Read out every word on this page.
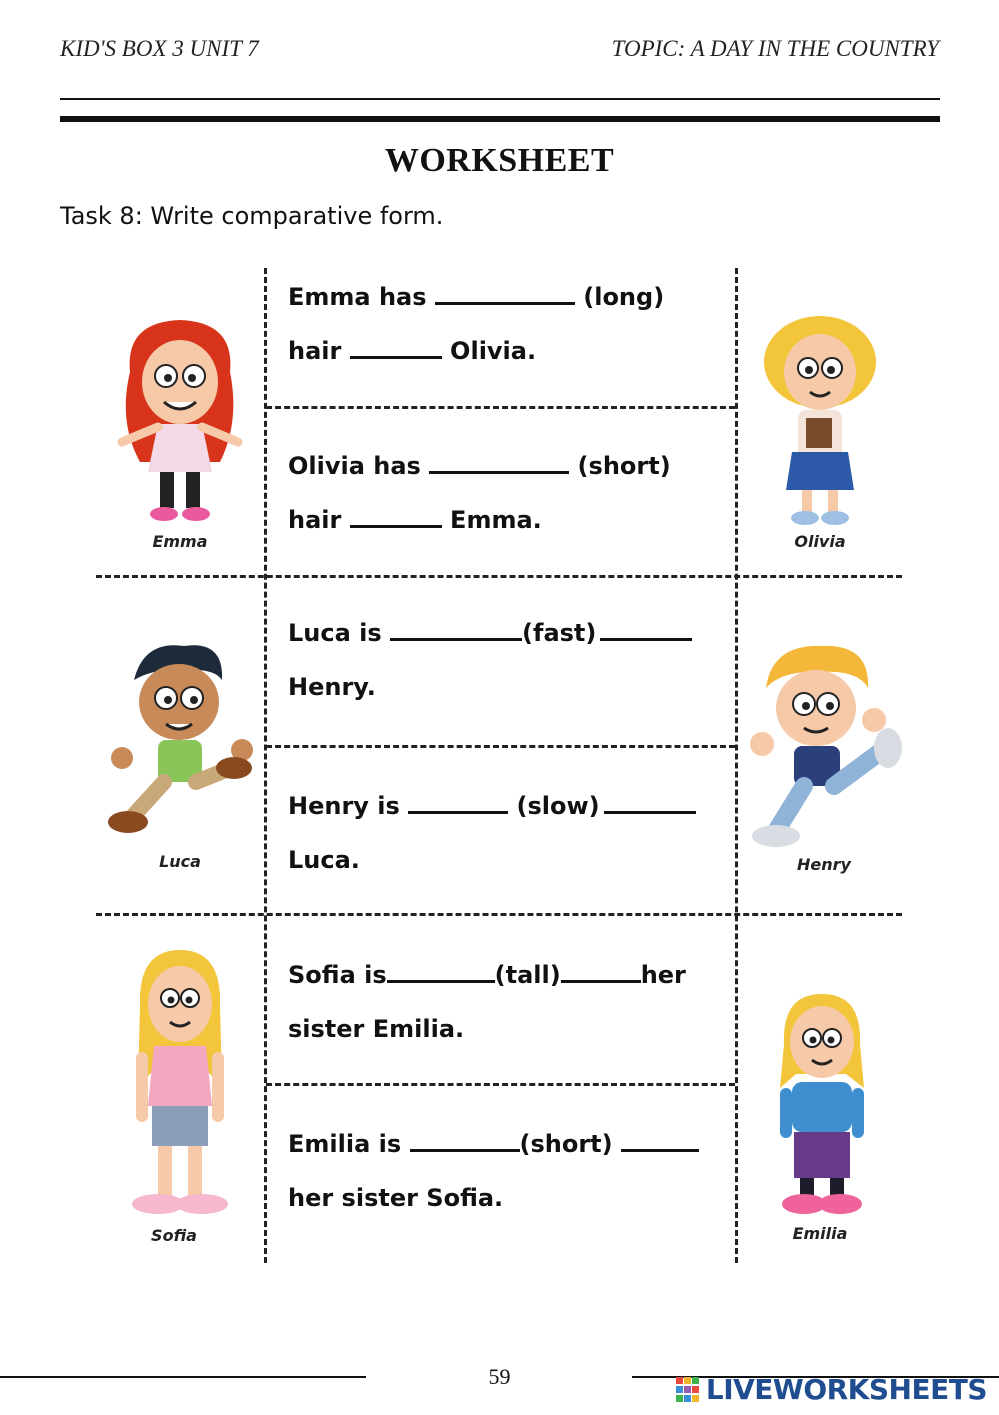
KID'S BOX 3 UNIT 7	TOPIC: A DAY IN THE COUNTRY
WORKSHEET
Task 8: Write comparative form.
Emma has	(long)
hair	Olivia.
Olivia has	(short)
hair	Emma.
Luca is	(fast)
Henry.
Henry is	(slow)
Luca.
Sofia is	(tall)	her
sister Emilia.
Emilia is	(short)
her sister Sofia.
Emma	Olivia
Luca	Henry
Sofia	Emilia
59	LIVEWORKSHEETS
